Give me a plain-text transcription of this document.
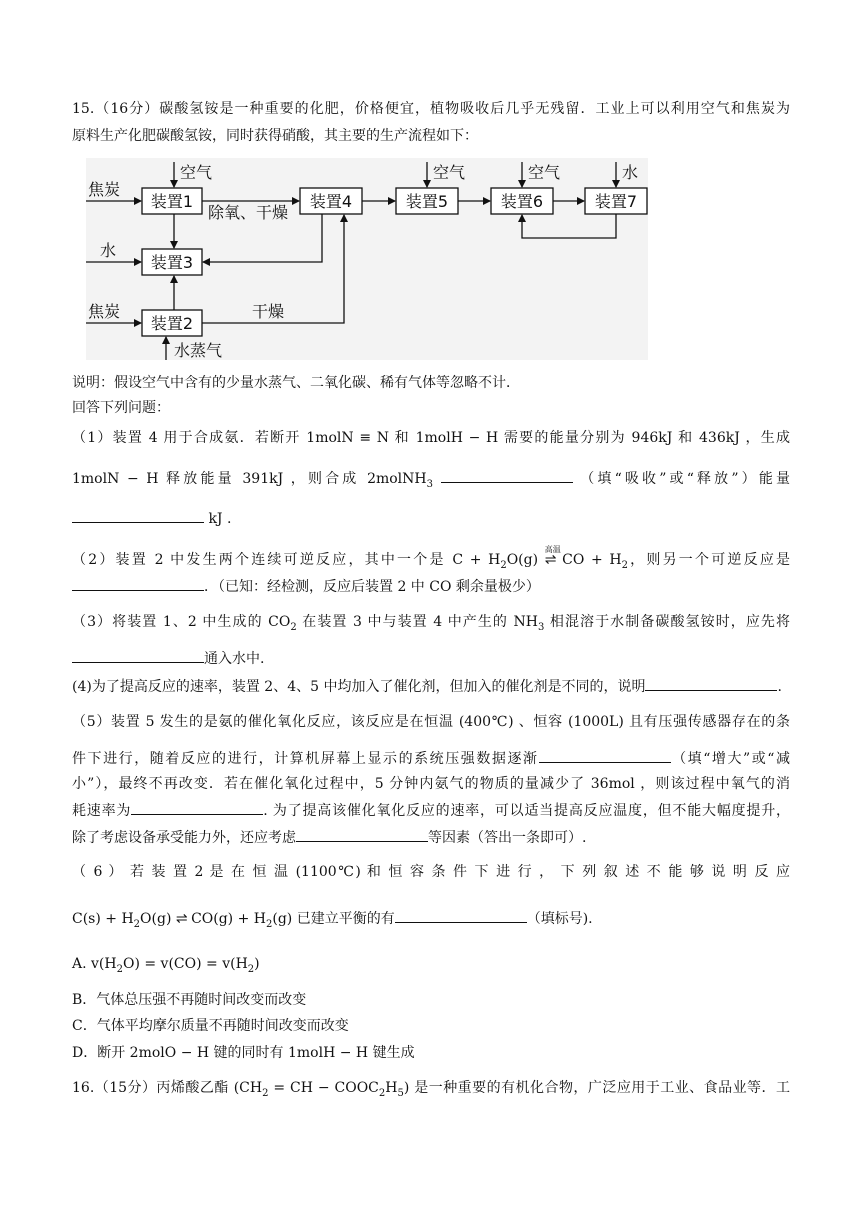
15.（16分）碳酸氢铵是一种重要的化肥，价格便宜，植物吸收后几乎无残留．工业上可以利用空气和焦炭为
原料生产化肥碳酸氢铵，同时获得硝酸，其主要的生产流程如下：
装置1
装置2
装置3
装置4	装置5	装置6	装置7
空气	空气	空气	水
焦炭
焦炭
水
除氧、干燥
干燥
水蒸气
说明：假设空气中含有的少量水蒸气、二氧化碳、稀有气体等忽略不计．
回答下列问题：
（1）装置 4 用于合成氨．若断开 1molN ≡ N 和 1molH − H 需要的能量分别为 946kJ 和 436kJ ，生成
1molN − H 释放能量 391kJ ，则合成 2molNH$_3$	（填“吸收”或“释放”）能量
kJ .
（2）装置 2 中发生两个连续可逆反应，其中一个是 $C + H_2O(g)$
高温
⇌ CO + $H_2$，则另一个可逆反应是
．（已知：经检测，反应后装置 2 中 CO 剩余量极少）
（3）将装置 1、2 中生成的 $CO_2$ 在装置 3 中与装置 4 中产生的 $NH_3$ 相混溶于水制备碳酸氢铵时，应先将
通入水中.
(4)为了提高反应的速率，装置 2、4、5 中均加入了催化剂，但加入的催化剂是不同的，说明	.
（5）装置 5 发生的是氨的催化氧化反应，该反应是在恒温 (400℃) 、恒容 (1000L) 且有压强传感器存在的条
件下进行，随着反应的进行，计算机屏幕上显示的系统压强数据逐渐	（填“增大”或“减
小”），最终不再改变．若在催化氧化过程中，5 分钟内氨气的物质的量减少了 36mol ，则该过程中氧气的消
耗速率为	. 为了提高该催化氧化反应的速率，可以适当提高反应温度，但不能大幅度提升，
除了考虑设备承受能力外，还应考虑	等因素（答出一条即可）.
（ 6 ） 若 装 置 2 是 在 恒 温 (1100℃) 和 恒 容 条 件 下 进 行 ， 下 列 叙 述 不 能 够 说 明 反 应
$C(s) + H_2O(g)$ ⇌ $CO(g) + H_2(g)$ 已建立平衡的有	（填标号).
A. $v(H_2O) = v(CO) = v(H_2)$
B．气体总压强不再随时间改变而改变
C．气体平均摩尔质量不再随时间改变而改变
D．断开 2molO − H 键的同时有 1molH − H 键生成
16.（15分）丙烯酸乙酯 ($CH_2$ = CH − $COOC_2H_5$) 是一种重要的有机化合物，广泛应用于工业、食品业等．工
